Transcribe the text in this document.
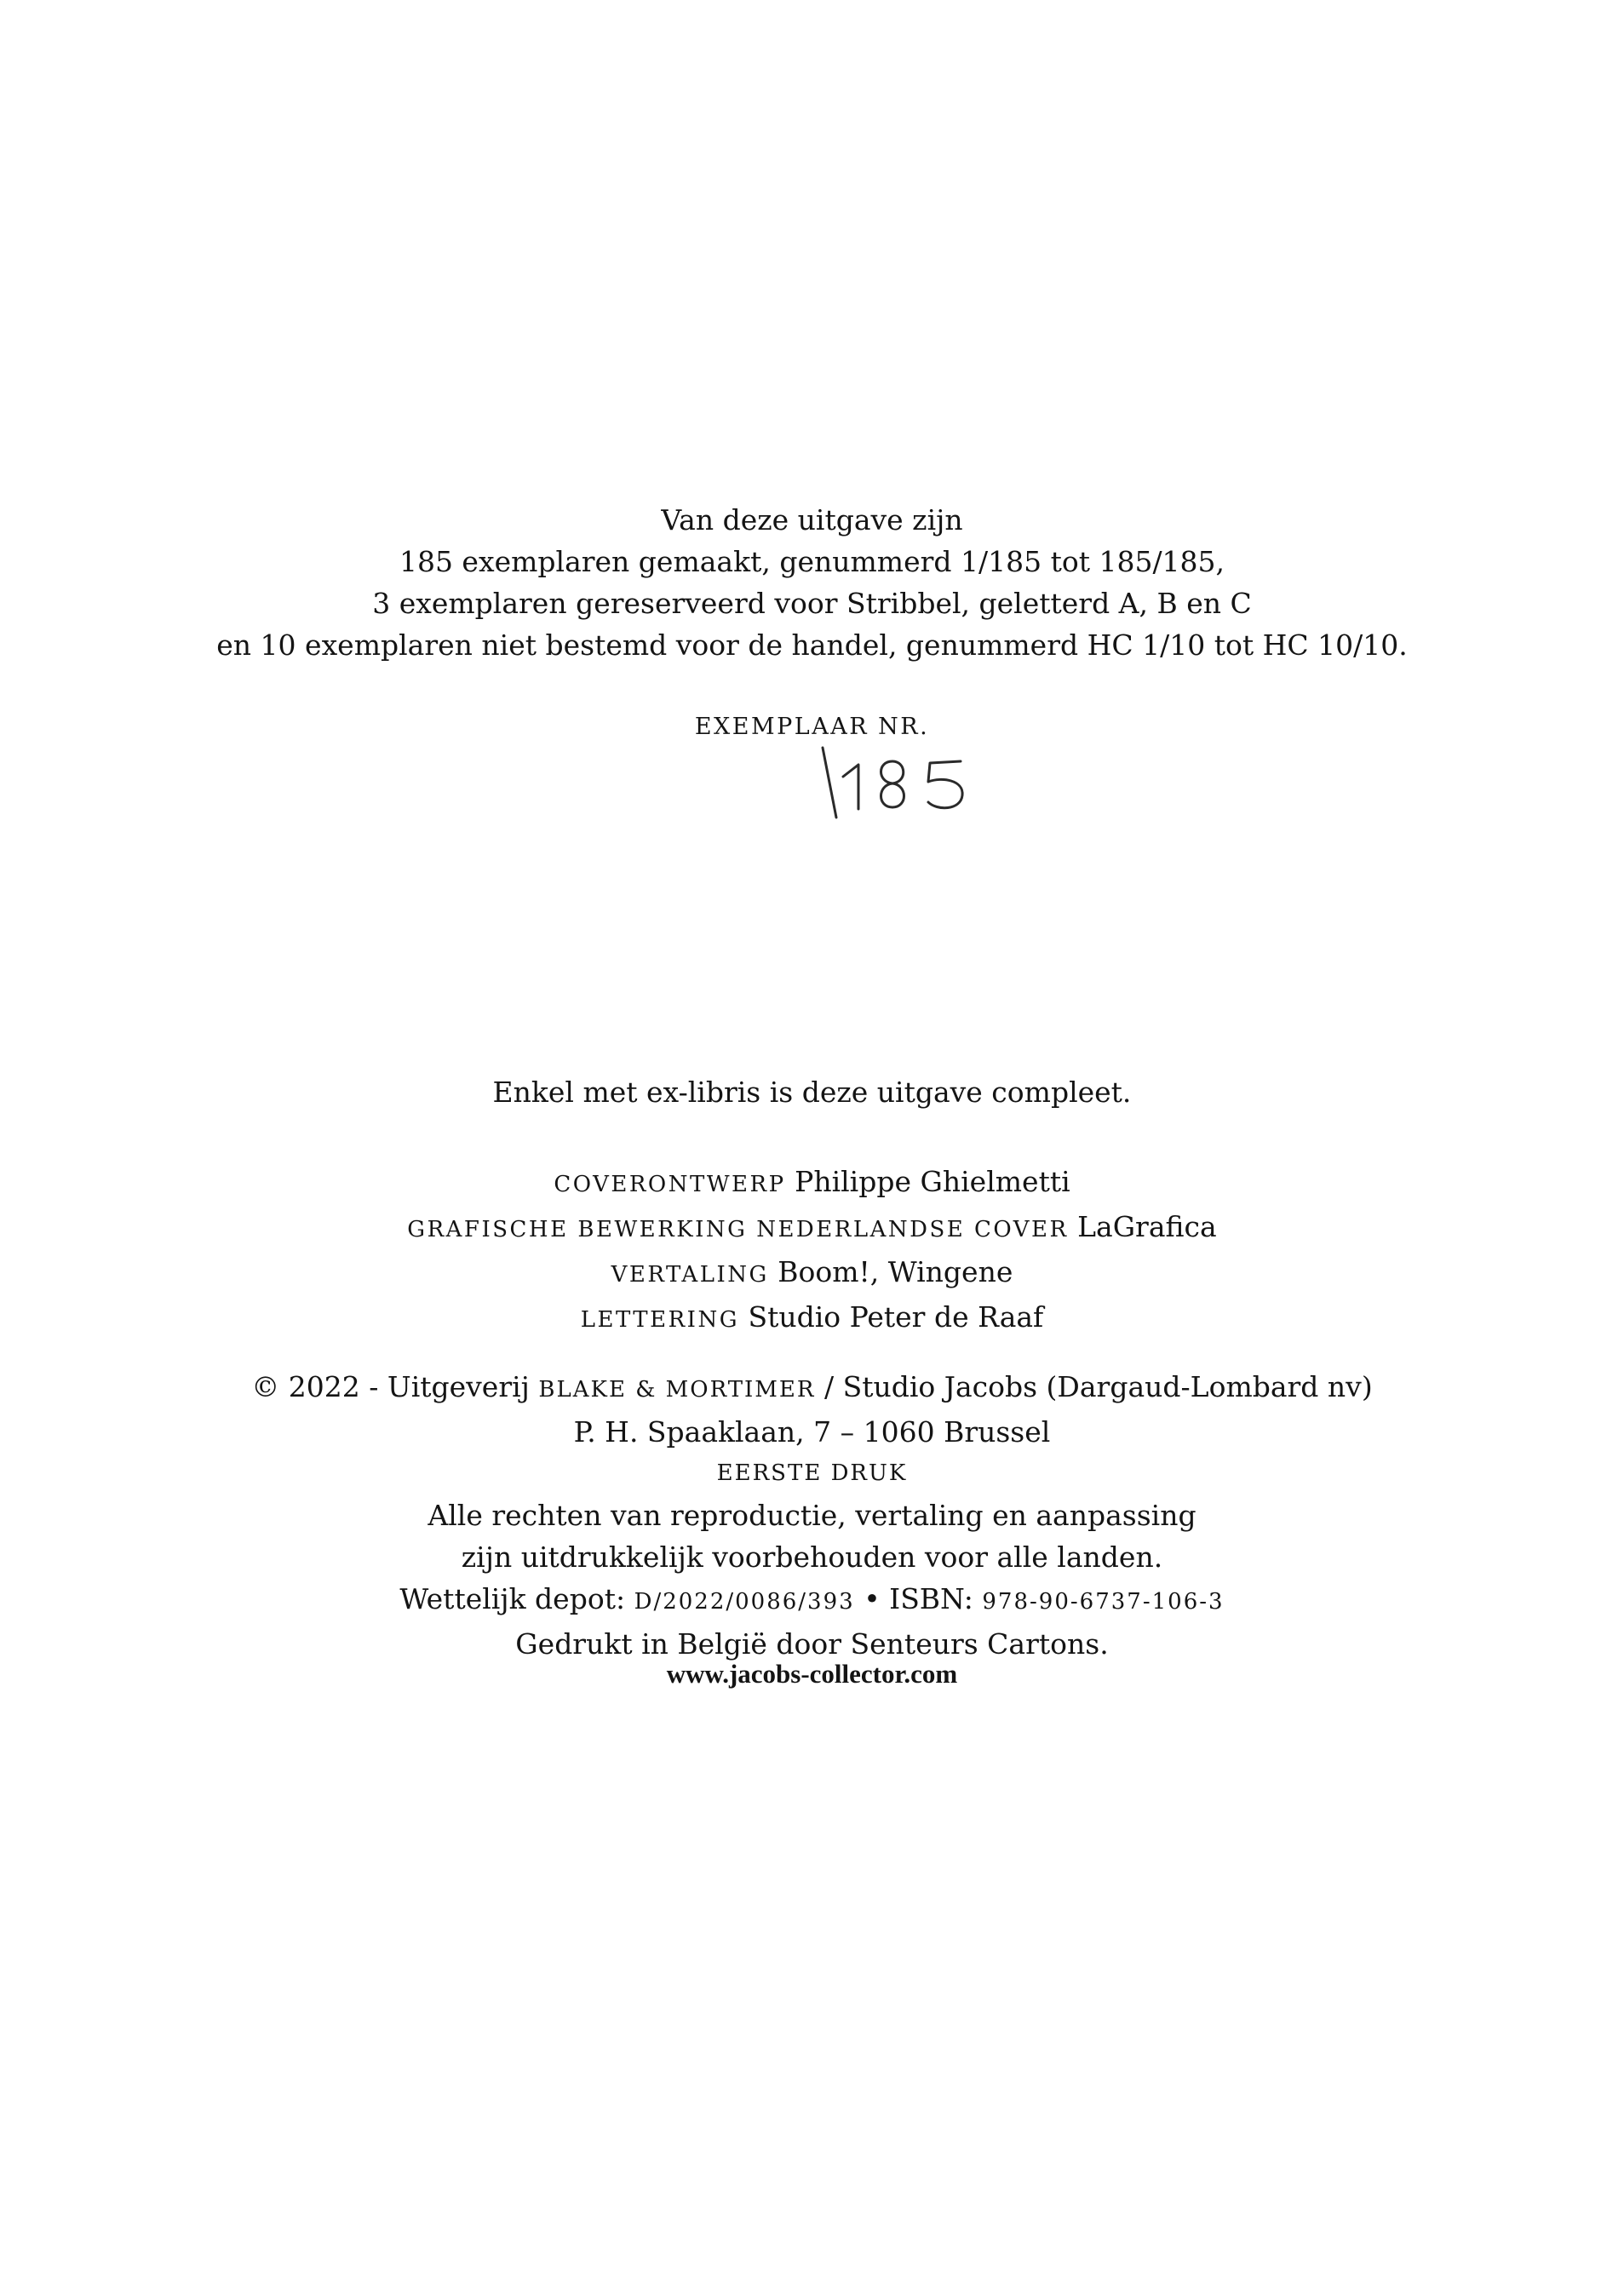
Van deze uitgave zijn
185 exemplaren gemaakt, genummerd 1/185 tot 185/185,
3 exemplaren gereserveerd voor Stribbel, geletterd A, B en C
en 10 exemplaren niet bestemd voor de handel, genummerd HC 1/10 tot HC 10/10.
EXEMPLAAR NR.
Enkel met ex-libris is deze uitgave compleet.
COVERONTWERP Philippe Ghielmetti
GRAFISCHE BEWERKING NEDERLANDSE COVER LaGrafica
VERTALING Boom!, Wingene
LETTERING Studio Peter de Raaf
© 2022 - Uitgeverij BLAKE & MORTIMER / Studio Jacobs (Dargaud-Lombard nv)
P. H. Spaaklaan, 7 – 1060 Brussel
EERSTE DRUK
Alle rechten van reproductie, vertaling en aanpassing
zijn uitdrukkelijk voorbehouden voor alle landen.
Wettelijk depot: D/2022/0086/393 • ISBN: 978-90-6737-106-3
Gedrukt in België door Senteurs Cartons.
www.jacobs-collector.com
